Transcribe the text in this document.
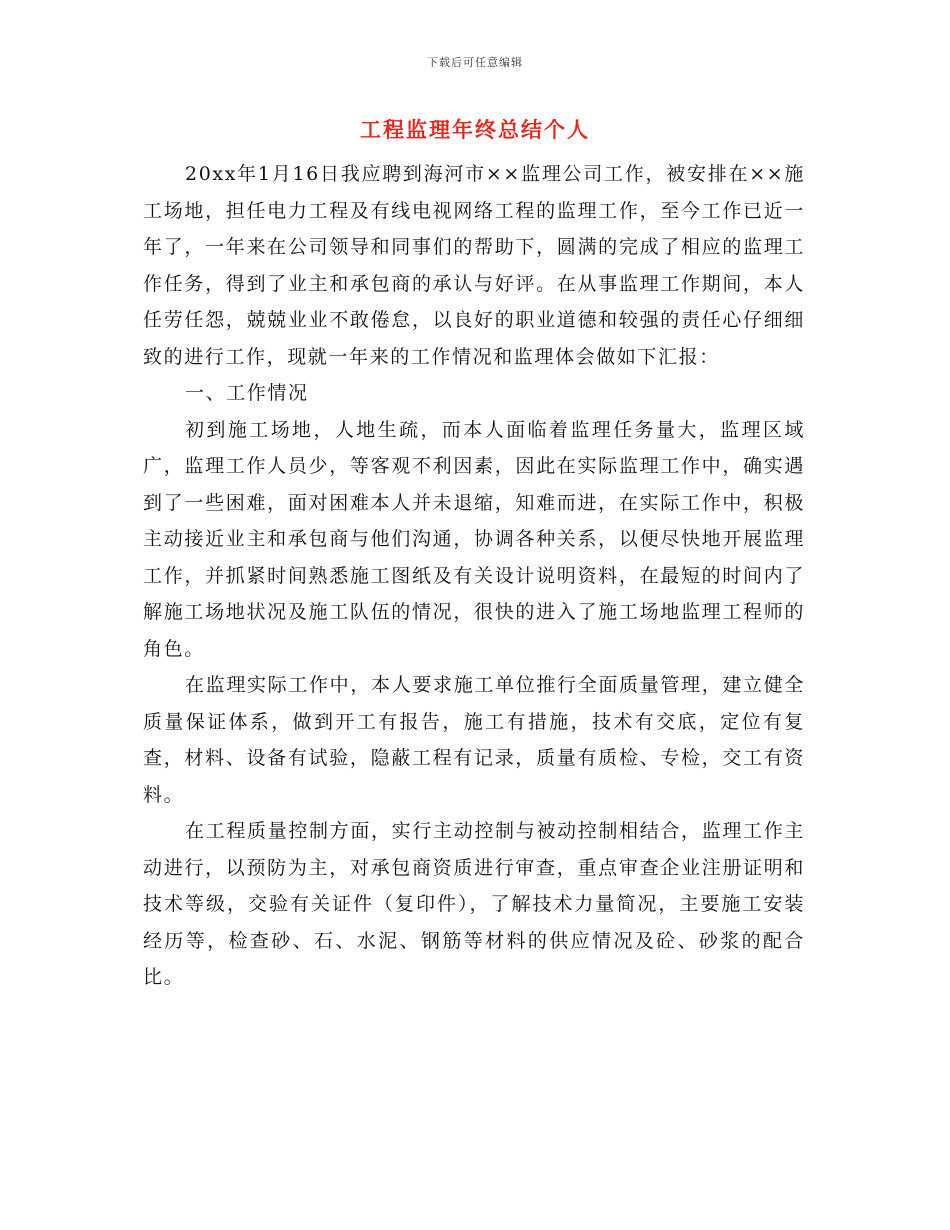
下载后可任意编辑
工程监理年终总结个人

20xx年1月16日我应聘到海河市××监理公司工作，被安排在××施工场地，担任电力工程及有线电视网络工程的监理工作，至今工作已近一年了，一年来在公司领导和同事们的帮助下，圆满的完成了相应的监理工作任务，得到了业主和承包商的承认与好评。在从事监理工作期间，本人任劳任怨，兢兢业业不敢倦怠，以良好的职业道德和较强的责任心仔细细致的进行工作，现就一年来的工作情况和监理体会做如下汇报：

一、工作情况

初到施工场地，人地生疏，而本人面临着监理任务量大，监理区域广，监理工作人员少，等客观不利因素，因此在实际监理工作中，确实遇到了一些困难，面对困难本人并未退缩，知难而进，在实际工作中，积极主动接近业主和承包商与他们沟通，协调各种关系，以便尽快地开展监理工作，并抓紧时间熟悉施工图纸及有关设计说明资料，在最短的时间内了解施工场地状况及施工队伍的情况，很快的进入了施工场地监理工程师的角色。

在监理实际工作中，本人要求施工单位推行全面质量管理，建立健全质量保证体系，做到开工有报告，施工有措施，技术有交底，定位有复查，材料、设备有试验，隐蔽工程有记录，质量有质检、专检，交工有资料。

在工程质量控制方面，实行主动控制与被动控制相结合，监理工作主动进行，以预防为主，对承包商资质进行审查，重点审查企业注册证明和技术等级，交验有关证件（复印件），了解技术力量简况，主要施工安装经历等，检查砂、石、水泥、钢筋等材料的供应情况及砼、砂浆的配合比。
